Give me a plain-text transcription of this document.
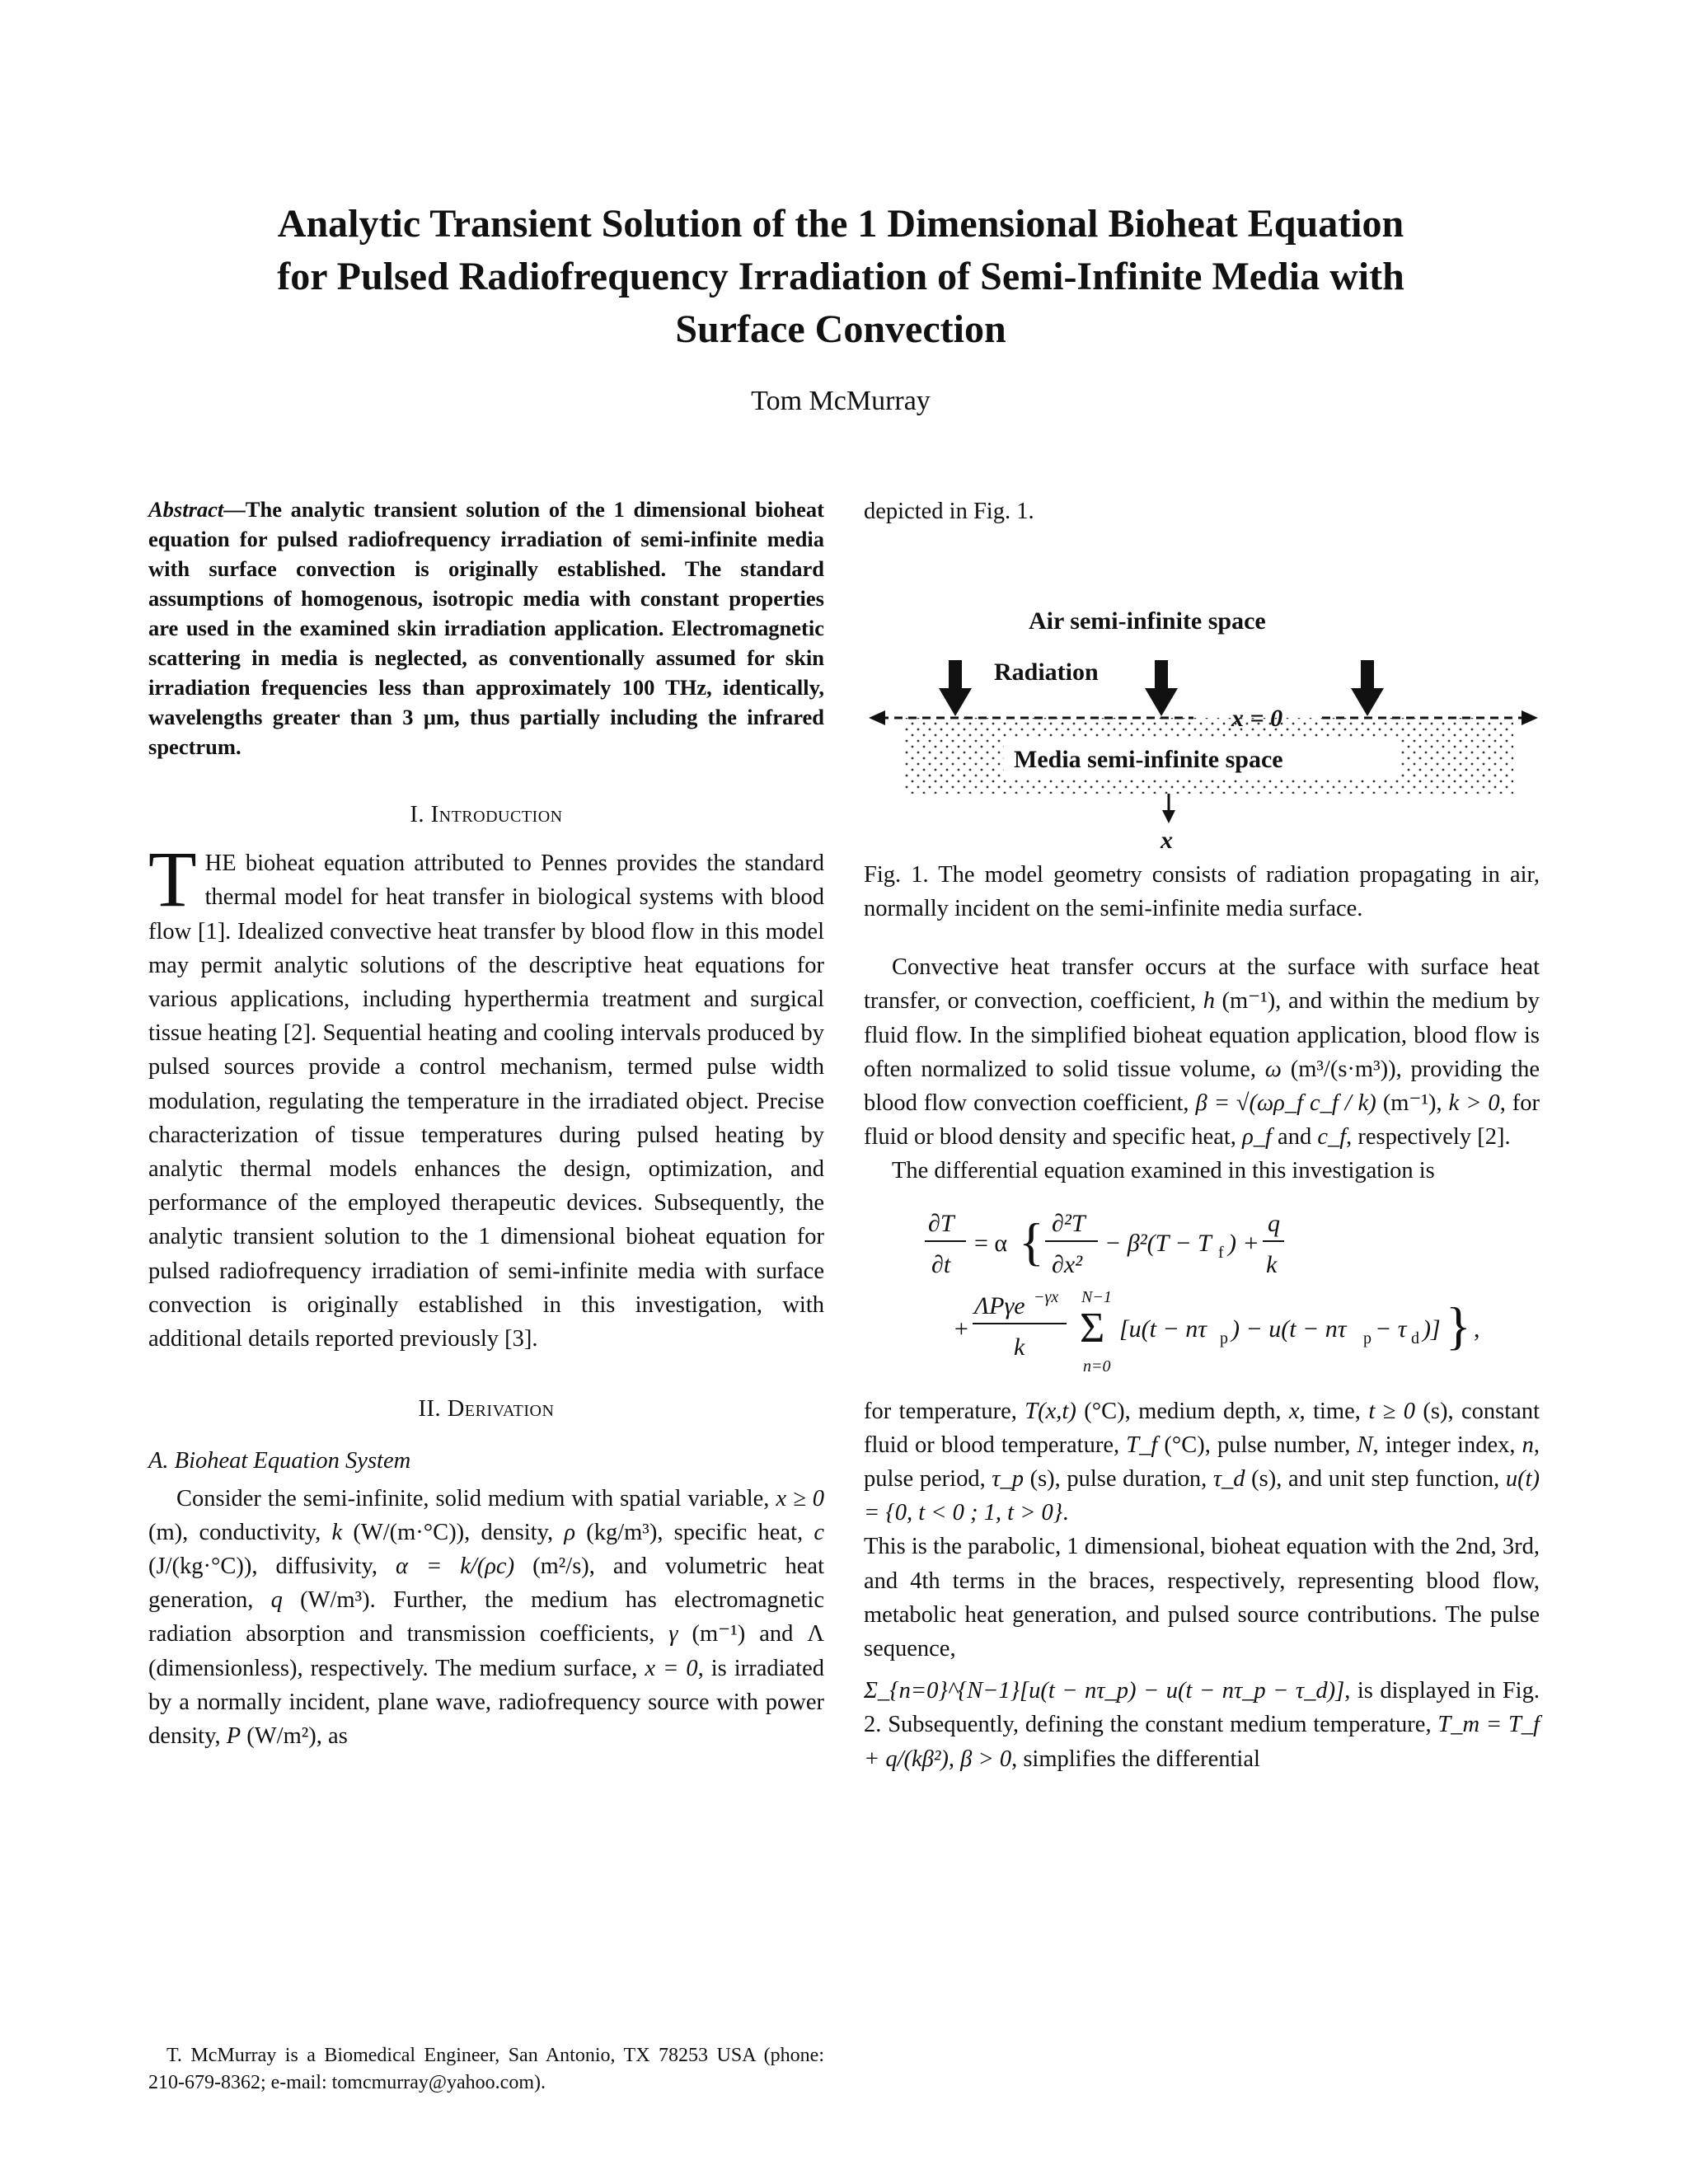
Analytic Transient Solution of the 1 Dimensional Bioheat Equation
for Pulsed Radiofrequency Irradiation of Semi-Infinite Media with
Surface Convection
Tom McMurray

Abstract—The analytic transient solution of the 1 dimensional bioheat equation for pulsed radiofrequency irradiation of semi-infinite media with surface convection is originally established. The standard assumptions of homogenous, isotropic media with constant properties are used in the examined skin irradiation application. Electromagnetic scattering in media is neglected, as conventionally assumed for skin irradiation frequencies less than approximately 100 THz, identically, wavelengths greater than 3 μm, thus partially including the infrared spectrum.

I. Introduction

THE bioheat equation attributed to Pennes provides the standard thermal model for heat transfer in biological systems with blood flow [1]. Idealized convective heat transfer by blood flow in this model may permit analytic solutions of the descriptive heat equations for various applications, including hyperthermia treatment and surgical tissue heating [2]. Sequential heating and cooling intervals produced by pulsed sources provide a control mechanism, termed pulse width modulation, regulating the temperature in the irradiated object. Precise characterization of tissue temperatures during pulsed heating by analytic thermal models enhances the design, optimization, and performance of the employed therapeutic devices. Subsequently, the analytic transient solution to the 1 dimensional bioheat equation for pulsed radiofrequency irradiation of semi-infinite media with surface convection is originally established in this investigation, with additional details reported previously [3].

II. Derivation
A. Bioheat Equation System

Consider the semi-infinite, solid medium with spatial variable, x ≥ 0 (m), conductivity, k (W/(m·°C)), density, ρ (kg/m³), specific heat, c (J/(kg·°C)), diffusivity, α = k/(ρc) (m²/s), and volumetric heat generation, q (W/m³). Further, the medium has electromagnetic radiation absorption and transmission coefficients, γ (m⁻¹) and Λ (dimensionless), respectively. The medium surface, x = 0, is irradiated by a normally incident, plane wave, radiofrequency source with power density, P (W/m²), as

T. McMurray is a Biomedical Engineer, San Antonio, TX 78253 USA (phone: 210-679-8362; e-mail: tomcmurray@yahoo.com).

depicted in Fig. 1.

Air semi-infinite space
Radiation
x = 0
Media semi-infinite space
x

Fig. 1. The model geometry consists of radiation propagating in air, normally incident on the semi-infinite media surface.

Convective heat transfer occurs at the surface with surface heat transfer, or convection, coefficient, h (m⁻¹), and within the medium by fluid flow. In the simplified bioheat equation application, blood flow is often normalized to solid tissue volume, ω (m³/(s·m³)), providing the blood flow convection coefficient, β = √(ωρ_f c_f / k) (m⁻¹), k > 0, for fluid or blood density and specific heat, ρ_f and c_f, respectively [2].

The differential equation examined in this investigation is

∂T
∂t
= α { ∂²T
∂x²
− β²(T − T f ) +
q
k
+
ΛPγe −γx
k
N−1
Σ
n=0
[u(t − nτ p ) − u(t − nτ p − τ d )] } ,

for temperature, T(x,t) (°C), medium depth, x, time, t ≥ 0 (s), constant fluid or blood temperature, T_f (°C), pulse number, N, integer index, n, pulse period, τ_p (s), pulse duration, τ_d (s), and unit step function, u(t) = {0, t < 0 ; 1, t > 0}.

This is the parabolic, 1 dimensional, bioheat equation with the 2nd, 3rd, and 4th terms in the braces, respectively, representing blood flow, metabolic heat generation, and pulsed source contributions. The pulse sequence,

Σ_{n=0}^{N−1}[u(t − nτ_p) − u(t − nτ_p − τ_d)], is displayed in Fig. 2. Subsequently, defining the constant medium temperature, T_m = T_f + q/(kβ²), β > 0, simplifies the differential
